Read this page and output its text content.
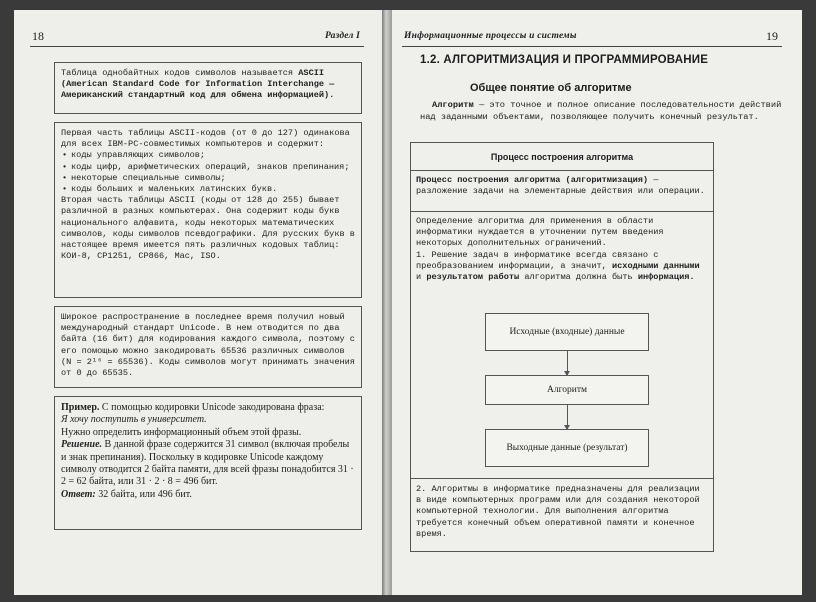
18	Раздел I

Таблица однобайтных кодов символов называется ASCII

(American Standard Code for Information Interchange —

Американский стандартный код для обмена информацией).

Первая часть таблицы ASCII-кодов (от 0 до 127) одинакова для всех IBM-PC-совместимых компьютеров и содержит:

• коды управляющих символов;
• коды цифр, арифметических операций, знаков препинания;
• некоторые специальные символы;
• коды больших и маленьких латинских букв.

Вторая часть таблицы ASCII (коды от 128 до 255) бывает различной в разных компьютерах. Она содержит коды букв национального алфавита, коды некоторых математических символов, коды символов псевдографики. Для русских букв в настоящее время имеется пять различных кодовых таблиц: КОИ-8, CP1251, CP866, Mac, ISO.

Широкое распространение в последнее время получил новый международный стандарт Unicode. В нем отводится по два байта (16 бит) для кодирования каждого символа, поэтому с его помощью можно закодировать 65536 различных символов (N = 2¹⁶ = 65536). Коды символов могут принимать значения от 0 до 65535.

Пример. С помощью кодировки Unicode закодирована фраза:

Я хочу поступить в университет.

Нужно определить информационный объем этой фразы.

Решение. В данной фразе содержится 31 символ (включая пробелы и знак препинания). Поскольку в кодировке Unicode каждому символу отводится 2 байта памяти, для всей фразы понадобится 31 · 2 = 62 байта, или 31 · 2 · 8 = 496 бит.

Ответ: 32 байта, или 496 бит.

Информационные процессы и системы	19
1.2. АЛГОРИТМИЗАЦИЯ И ПРОГРАММИРОВАНИЕ
Общее понятие об алгоритме
Алгоритм — это точное и полное описание последовательности действий над заданными объектами, позволяющее получить конечный результат.
Процесс построения алгоритма

Процесс построения алгоритма (алгоритмизация) — разложение задачи на элементарные действия или операции.

Определение алгоритма для применения в области информатики нуждается в уточнении путем введения некоторых дополнительных ограничений.

1. Решение задач в информатике всегда связано с преобразованием информации, а значит, исходными данными и результатом работы алгоритма должна быть информация.

Исходные (входные) данные
Алгоритм
Выходные данные (результат)

2. Алгоритмы в информатике предназначены для реализации в виде компьютерных программ или для создания некоторой компьютерной технологии. Для выполнения алгоритма требуется конечный объем оперативной памяти и конечное время.
